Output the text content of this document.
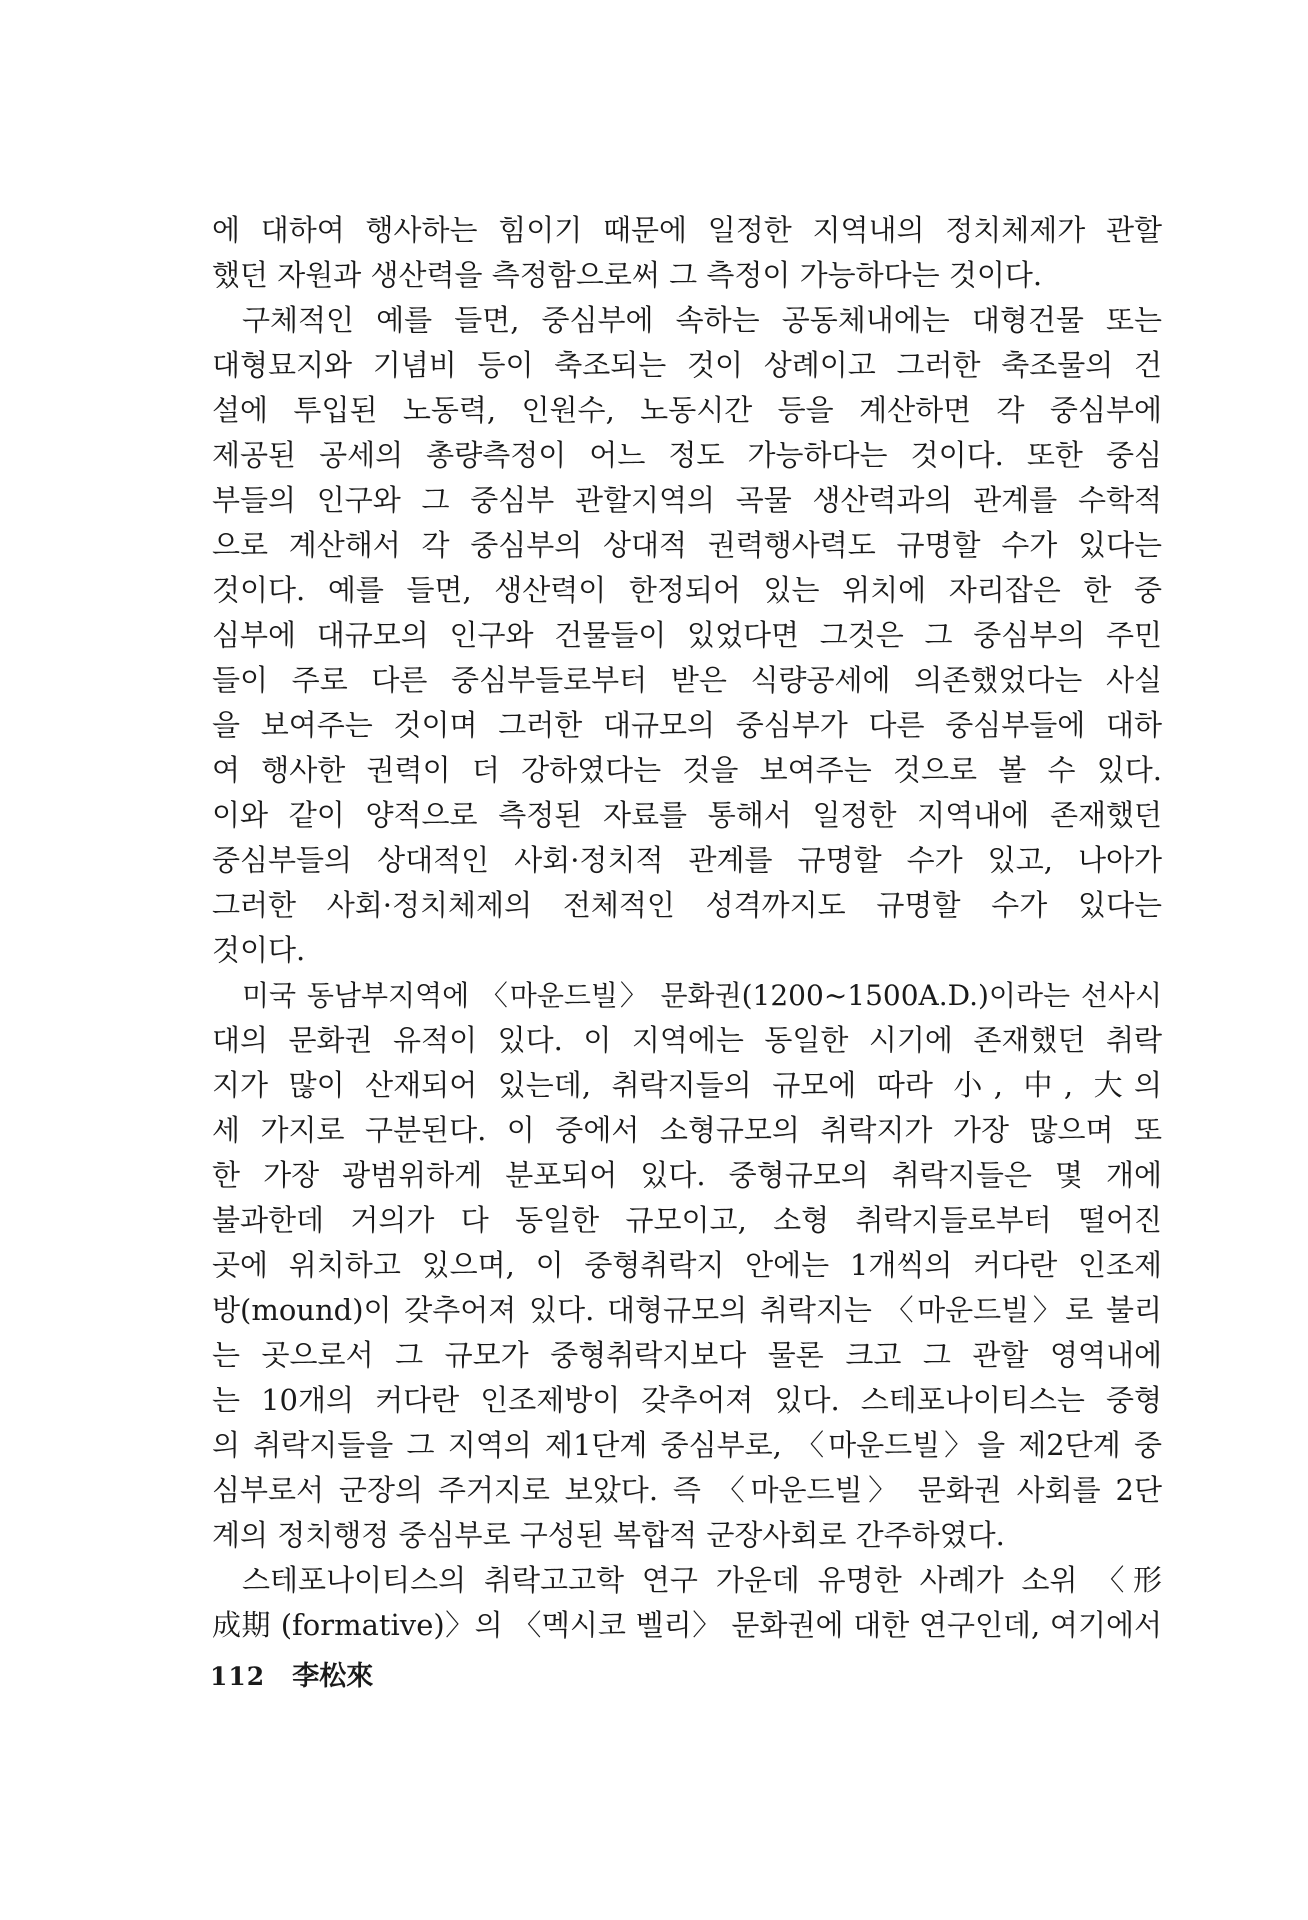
에 대하여 행사하는 힘이기 때문에 일정한 지역내의 정치체제가 관할
했던 자원과 생산력을 측정함으로써 그 측정이 가능하다는 것이다.
구체적인 예를 들면, 중심부에 속하는 공동체내에는 대형건물 또는
대형묘지와 기념비 등이 축조되는 것이 상례이고 그러한 축조물의 건
설에 투입된 노동력, 인원수, 노동시간 등을 계산하면 각 중심부에
제공된 공세의 총량측정이 어느 정도 가능하다는 것이다. 또한 중심
부들의 인구와 그 중심부 관할지역의 곡물 생산력과의 관계를 수학적
으로 계산해서 각 중심부의 상대적 권력행사력도 규명할 수가 있다는
것이다. 예를 들면, 생산력이 한정되어 있는 위치에 자리잡은 한 중
심부에 대규모의 인구와 건물들이 있었다면 그것은 그 중심부의 주민
들이 주로 다른 중심부들로부터 받은 식량공세에 의존했었다는 사실
을 보여주는 것이며 그러한 대규모의 중심부가 다른 중심부들에 대하
여 행사한 권력이 더 강하였다는 것을 보여주는 것으로 볼 수 있다.
이와 같이 양적으로 측정된 자료를 통해서 일정한 지역내에 존재했던
중심부들의 상대적인 사회·정치적 관계를 규명할 수가 있고, 나아가
그러한 사회·정치체제의 전체적인 성격까지도 규명할 수가 있다는
것이다.
미국 동남부지역에 〈마운드빌〉 문화권(1200~1500A.D.)이라는 선사시
대의 문화권 유적이 있다. 이 지역에는 동일한 시기에 존재했던 취락
지가 많이 산재되어 있는데, 취락지들의 규모에 따라 小, 中, 大의
세 가지로 구분된다. 이 중에서 소형규모의 취락지가 가장 많으며 또
한 가장 광범위하게 분포되어 있다. 중형규모의 취락지들은 몇 개에
불과한데 거의가 다 동일한 규모이고, 소형 취락지들로부터 떨어진
곳에 위치하고 있으며, 이 중형취락지 안에는 1개씩의 커다란 인조제
방(mound)이 갖추어져 있다. 대형규모의 취락지는 〈마운드빌〉로 불리
는 곳으로서 그 규모가 중형취락지보다 물론 크고 그 관할 영역내에
는 10개의 커다란 인조제방이 갖추어져 있다. 스테포나이티스는 중형
의 취락지들을 그 지역의 제1단계 중심부로, 〈마운드빌〉을 제2단계 중
심부로서 군장의 주거지로 보았다. 즉 〈마운드빌〉 문화권 사회를 2단
계의 정치행정 중심부로 구성된 복합적 군장사회로 간주하였다.
스테포나이티스의 취락고고학 연구 가운데 유명한 사례가 소위 〈形
成期 (formative)〉의 〈멕시코 벨리〉 문화권에 대한 연구인데, 여기에서
112 李松來
